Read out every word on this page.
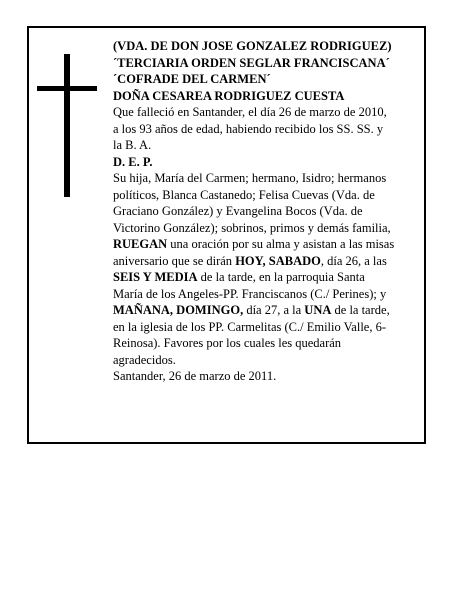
(VDA. DE DON JOSE GONZALEZ RODRIGUEZ)
´TERCIARIA ORDEN SEGLAR FRANCISCANA´
´COFRADE DEL CARMEN´
DOÑA CESAREA RODRIGUEZ CUESTA
Que falleció en Santander, el día 26 de marzo de 2010,
a los 93 años de edad, habiendo recibido los SS. SS. y
la B. A.
D. E. P.
Su hija, María del Carmen; hermano, Isidro; hermanos
políticos, Blanca Castanedo; Felisa Cuevas (Vda. de
Graciano González) y Evangelina Bocos (Vda. de
Victorino González); sobrinos, primos y demás familia,
RUEGAN una oración por su alma y asistan a las misas
aniversario que se dirán HOY, SABADO, día 26, a las
SEIS Y MEDIA de la tarde, en la parroquia Santa
María de los Angeles-PP. Franciscanos (C./ Perines); y
MAÑANA, DOMINGO, día 27, a la UNA de la tarde,
en la iglesia de los PP. Carmelitas (C./ Emilio Valle, 6-
Reinosa). Favores por los cuales les quedarán
agradecidos.
Santander, 26 de marzo de 2011.
